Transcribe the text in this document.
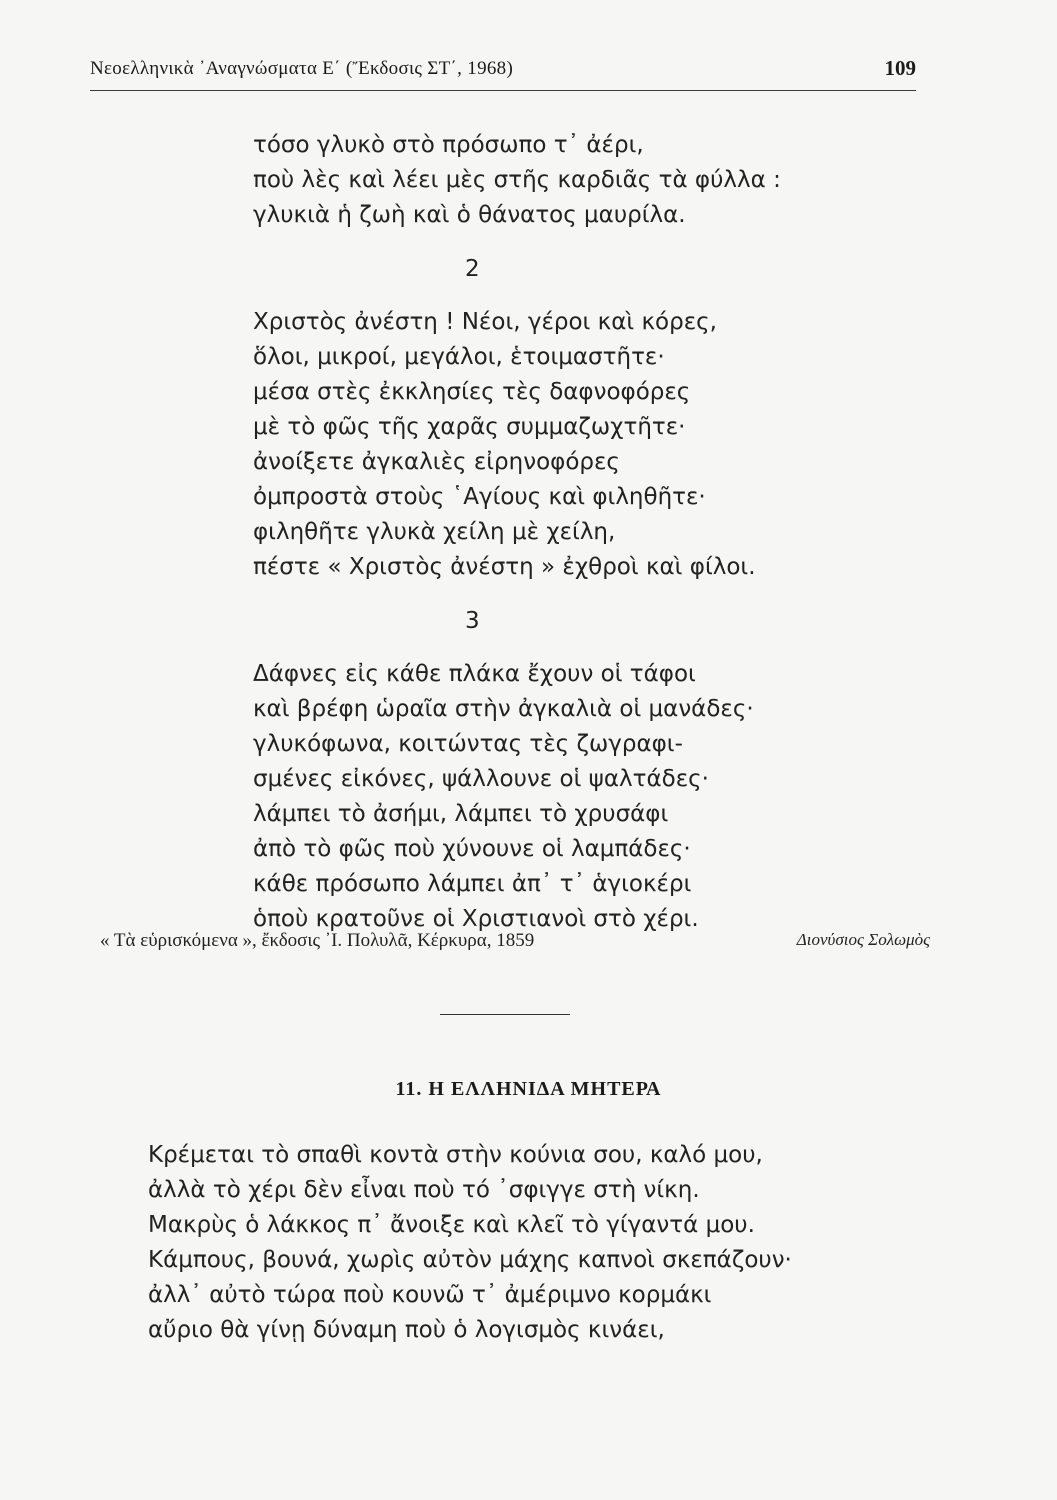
Νεοελληνικὰ ᾿Αναγνώσματα Ε΄ (Ἔκδοσις ΣΤ΄, 1968)	109
τόσο γλυκὸ στὸ πρόσωπο τ᾿ ἀέρι,
ποὺ λὲς καὶ λέει μὲς στῆς καρδιᾶς τὰ φύλλα :
γλυκιὰ ἡ ζωὴ καὶ ὁ θάνατος μαυρίλα.
2
Χριστὸς ἀνέστη ! Νέοι, γέροι καὶ κόρες,
ὅλοι, μικροί, μεγάλοι, ἑτοιμαστῆτε·
μέσα στὲς ἐκκλησίες τὲς δαφνοφόρες
μὲ τὸ φῶς τῆς χαρᾶς συμμαζωχτῆτε·
ἀνοίξετε ἀγκαλιὲς εἰρηνοφόρες
ὀμπροστὰ στοὺς ῾Αγίους καὶ φιληθῆτε·
φιληθῆτε γλυκὰ χείλη μὲ χείλη,
πέστε « Χριστὸς ἀνέστη » ἐχθροὶ καὶ φίλοι.
3
Δάφνες εἰς κάθε πλάκα ἔχουν οἱ τάφοι
καὶ βρέφη ὡραῖα στὴν ἀγκαλιὰ οἱ μανάδες·
γλυκόφωνα, κοιτώντας τὲς ζωγραφι-
σμένες εἰκόνες, ψάλλουνε οἱ ψαλτάδες·
λάμπει τὸ ἀσήμι, λάμπει τὸ χρυσάφι
ἀπὸ τὸ φῶς ποὺ χύνουνε οἱ λαμπάδες·
κάθε πρόσωπο λάμπει ἀπ᾿ τ᾿ ἁγιοκέρι
ὁποὺ κρατοῦνε οἱ Χριστιανοὶ στὸ χέρι.
« Τὰ εὑρισκόμενα », ἔκδοσις ᾿Ι. Πολυλᾶ, Κέρκυρα, 1859	Διονύσιος Σολωμὸς
11. Η ΕΛΛΗΝΙΔΑ ΜΗΤΕΡΑ
Κρέμεται τὸ σπαθὶ κοντὰ στὴν κούνια σου, καλό μου,
ἀλλὰ τὸ χέρι δὲν εἶναι ποὺ τό ᾿σφιγγε στὴ νίκη.
Μακρὺς ὁ λάκκος π᾿ ἄνοιξε καὶ κλεῖ τὸ γίγαντά μου.
Κάμπους, βουνά, χωρὶς αὐτὸν μάχης καπνοὶ σκεπάζουν·
ἀλλ᾿ αὐτὸ τώρα ποὺ κουνῶ τ᾿ ἀμέριμνο κορμάκι
αὔριο θὰ γίνῃ δύναμη ποὺ ὁ λογισμὸς κινάει,
